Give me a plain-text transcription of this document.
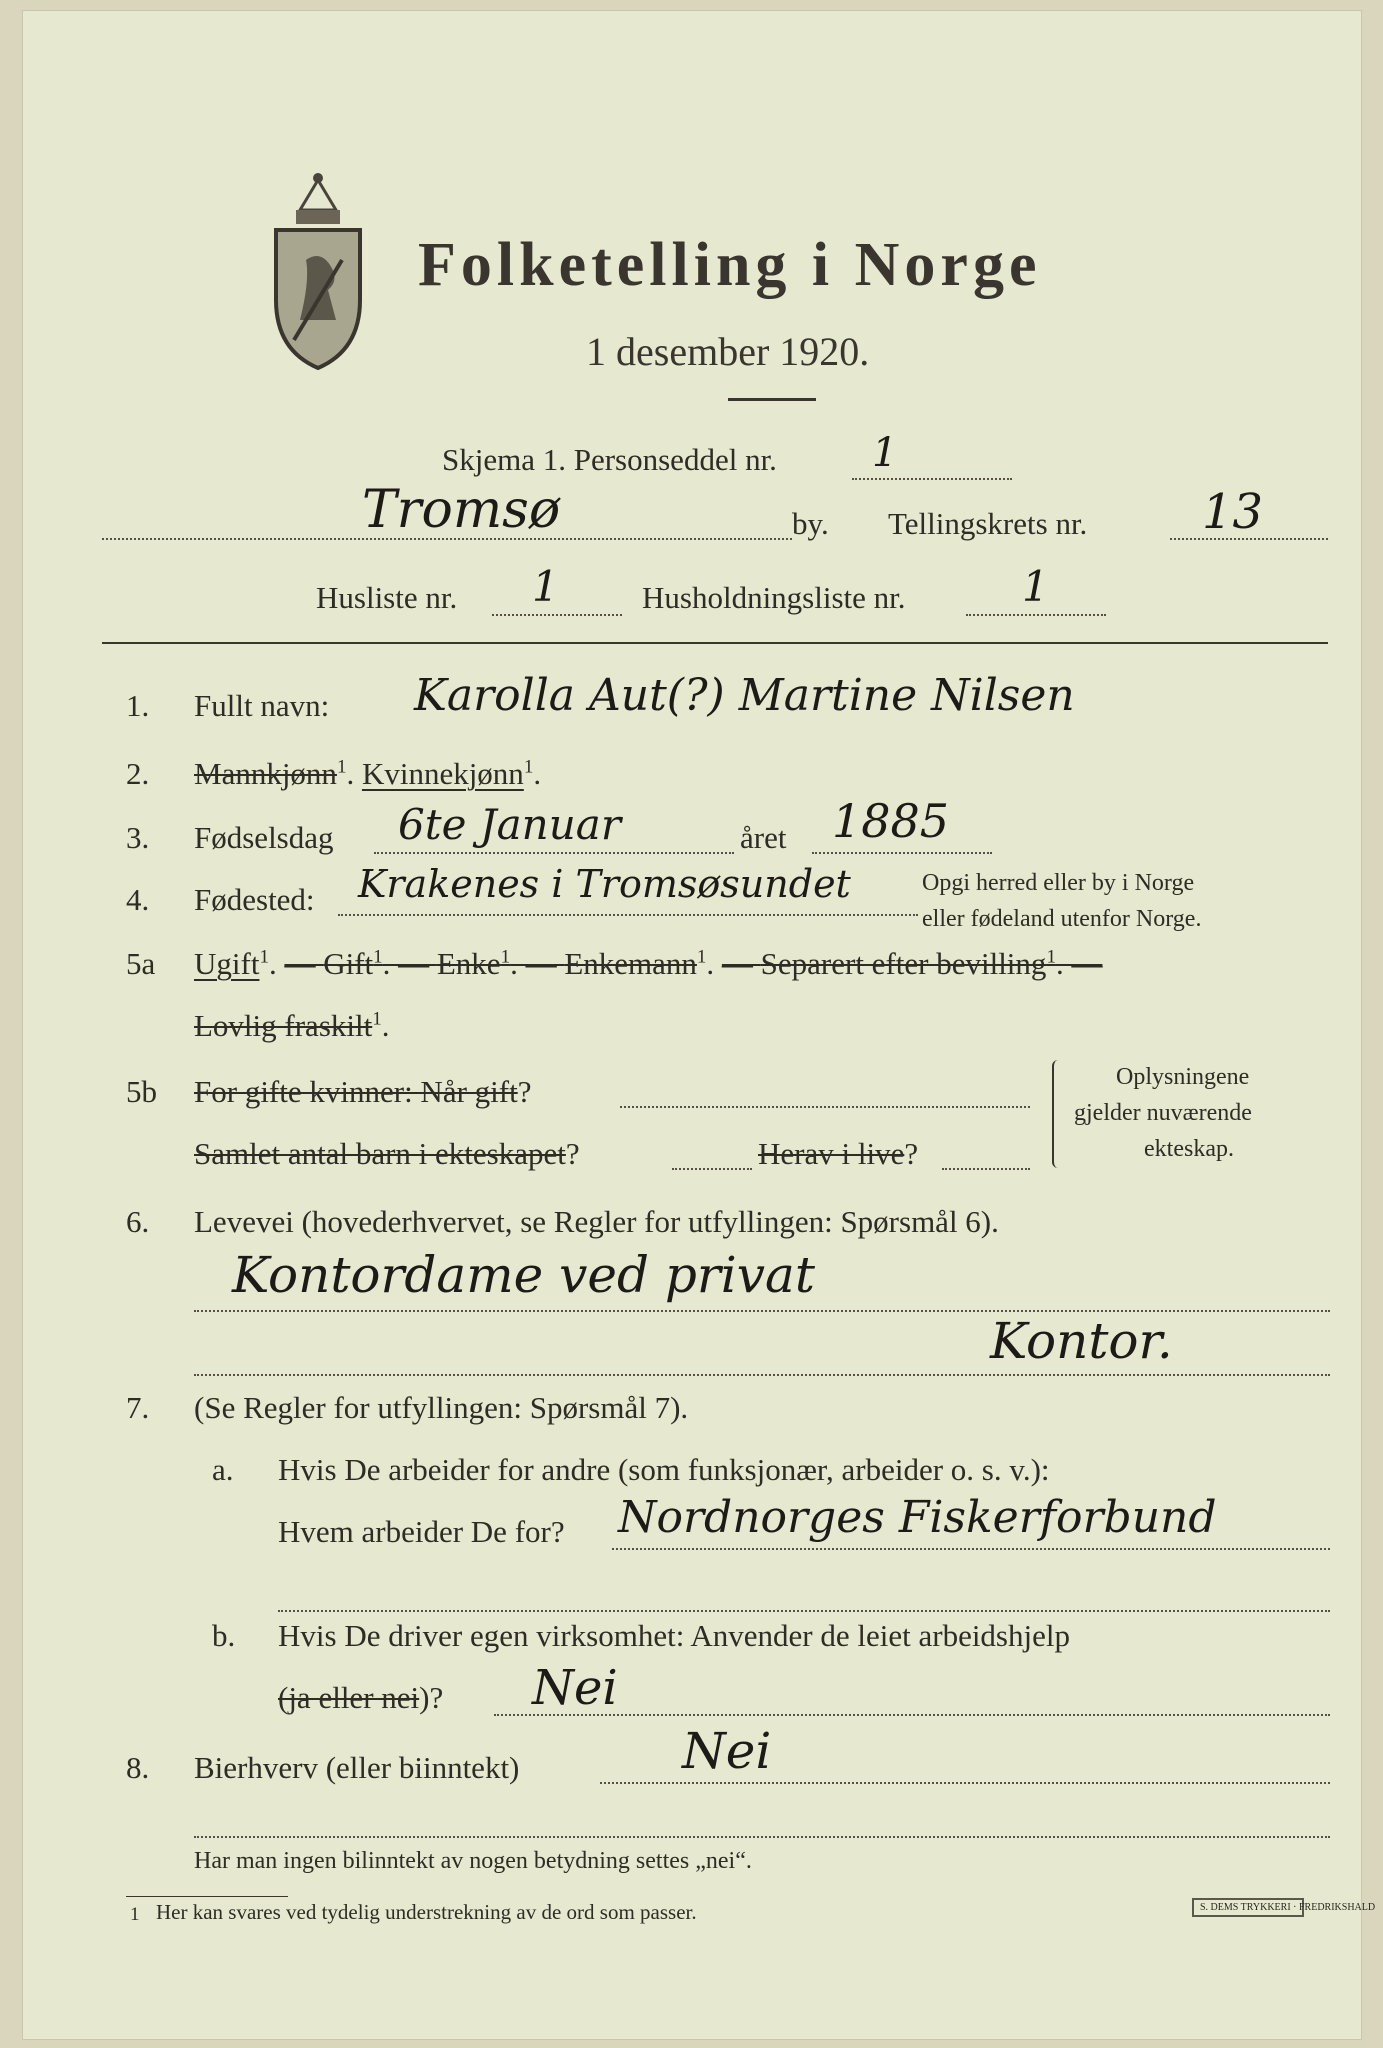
Folketelling i Norge
1 desember 1920.
Skjema 1. Personseddel nr. 1
Tromsø	by. Tellingskrets nr. 13
Husliste nr. 1	Husholdningsliste nr.	1
1. Fullt navn: Karolla Aut(?) Martine Nilsen
2. Mannkjønn$^1$. Kvinnekjønn$^1$.
3. Fødselsdag 6te Januar	året 1885
4. Fødested: Krakenes i Tromsøsundet	Opgi herred eller by i Norge
eller fødeland utenfor Norge.
5a Ugift$^1$. — Gift$^1$. — Enke$^1$. — Enkemann$^1$. — Separert efter bevilling$^1$. —
Lovlig fraskilt$^1$.
5b For gifte kvinner: Når gift?
Samlet antal barn i ekteskapet?	Herav i live?
Oplysningene
gjelder nuværende
ekteskap.
6. Levevei (hovederhvervet, se Regler for utfyllingen: Spørsmål 6).
Kontordame ved privat
Kontor.
7. (Se Regler for utfyllingen: Spørsmål 7).
a. Hvis De arbeider for andre (som funksjonær, arbeider o. s. v.):
Hvem arbeider De for? Nordnorges Fiskerforbund
b. Hvis De driver egen virksomhet: Anvender de leiet arbeidshjelp
(ja eller nei)? Nei
8. Bierhverv (eller biinntekt)	Nei
Har man ingen bilinntekt av nogen betydning settes „nei“.
1 Her kan svares ved tydelig understrekning av de ord som passer.	S. DEMS TRYKKERI · FREDRIKSHALD
